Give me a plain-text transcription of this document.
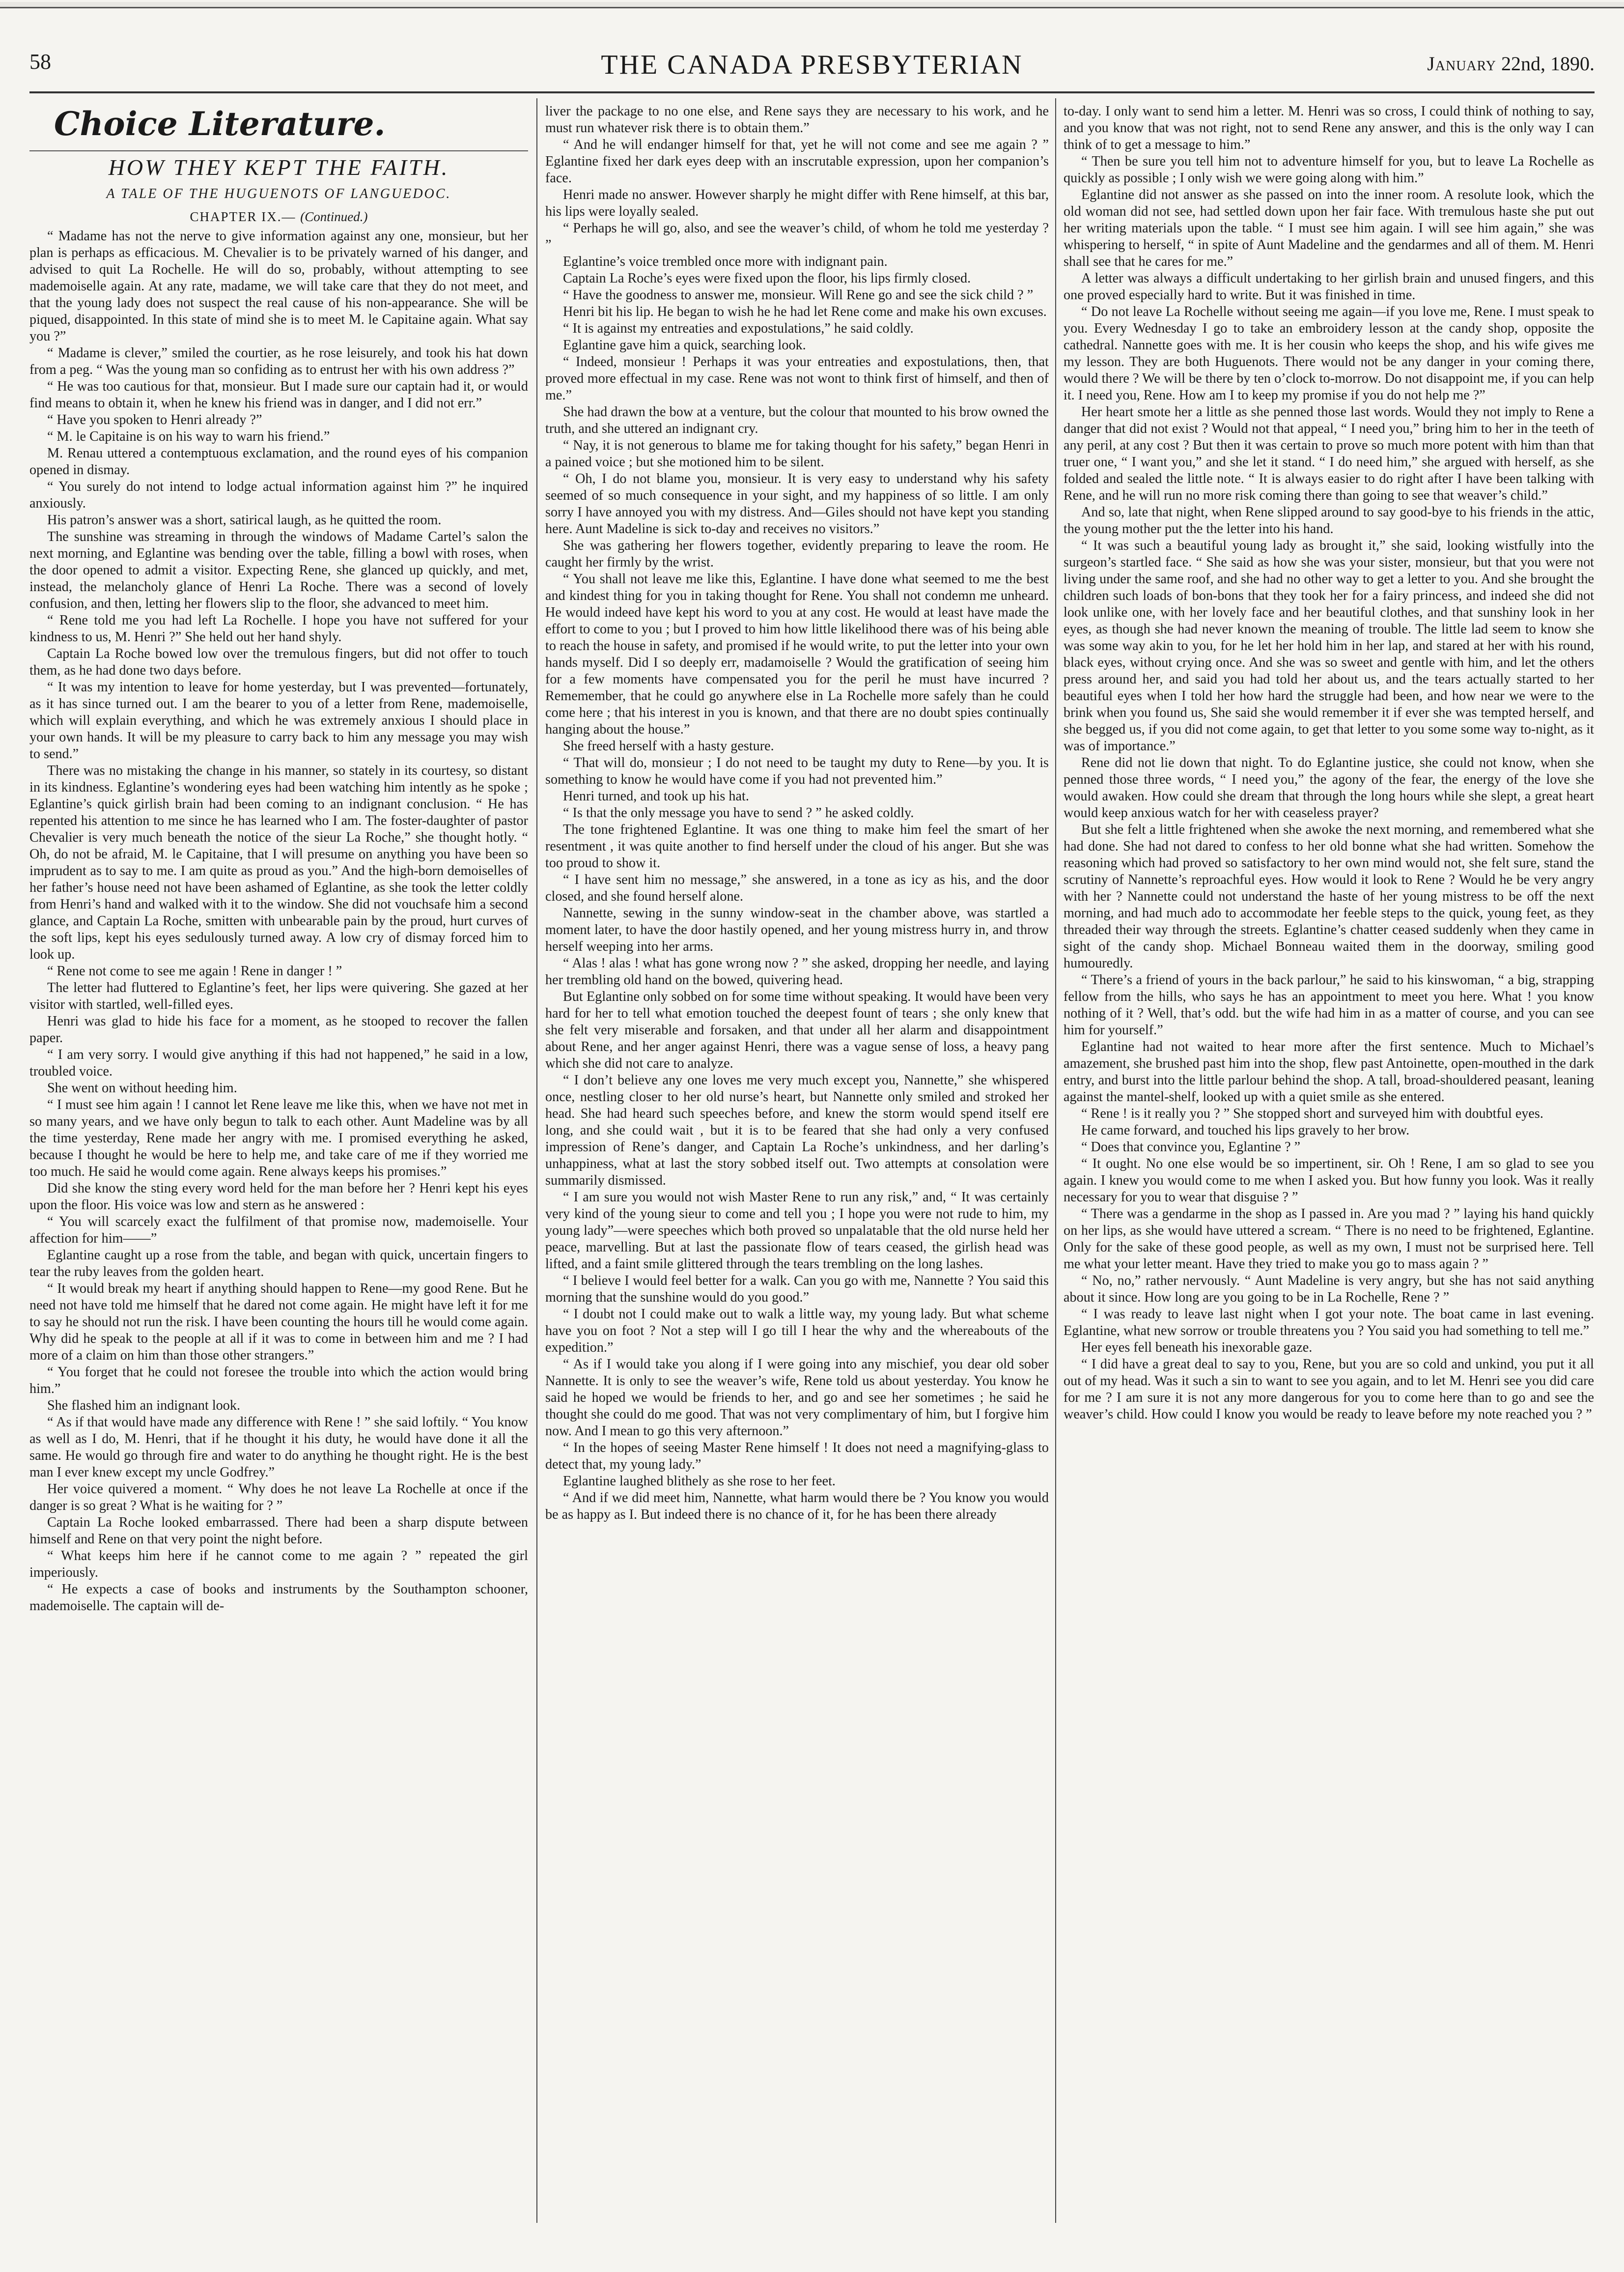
58	THE CANADA PRESBYTERIAN	January 22nd, 1890.
Choice Literature.
HOW THEY KEPT THE FAITH.
A TALE OF THE HUGUENOTS OF LANGUEDOC.
CHAPTER IX.— (Continued.)

“ Madame has not the nerve to give information against any one, monsieur, but her plan is perhaps as efficacious. M. Chevalier is to be privately warned of his danger, and advised to quit La Rochelle. He will do so, probably, without attempting to see mademoiselle again. At any rate, madame, we will take care that they do not meet, and that the young lady does not suspect the real cause of his non-appearance. She will be piqued, disappointed. In this state of mind she is to meet M. le Capitaine again. What say you ?”

“ Madame is clever,” smiled the courtier, as he rose leisurely, and took his hat down from a peg. “ Was the young man so confiding as to entrust her with his own address ?”

“ He was too cautious for that, monsieur. But I made sure our captain had it, or would find means to obtain it, when he knew his friend was in danger, and I did not err.”

“ Have you spoken to Henri already ?”

“ M. le Capitaine is on his way to warn his friend.”

M. Renau uttered a contemptuous exclamation, and the round eyes of his companion opened in dismay.

“ You surely do not intend to lodge actual information against him ?” he inquired anxiously.

His patron’s answer was a short, satirical laugh, as he quitted the room.

The sunshine was streaming in through the windows of Madame Cartel’s salon the next morning, and Eglantine was bending over the table, filling a bowl with roses, when the door opened to admit a visitor. Expecting Rene, she glanced up quickly, and met, instead, the melancholy glance of Henri La Roche. There was a second of lovely confusion, and then, letting her flowers slip to the floor, she advanced to meet him.

“ Rene told me you had left La Rochelle. I hope you have not suffered for your kindness to us, M. Henri ?” She held out her hand shyly.

Captain La Roche bowed low over the tremulous fingers, but did not offer to touch them, as he had done two days before.

“ It was my intention to leave for home yesterday, but I was prevented—fortunately, as it has since turned out. I am the bearer to you of a letter from Rene, mademoiselle, which will explain everything, and which he was extremely anxious I should place in your own hands. It will be my pleasure to carry back to him any message you may wish to send.”

There was no mistaking the change in his manner, so stately in its courtesy, so distant in its kindness. Eglantine’s wondering eyes had been watching him intently as he spoke ; Eglantine’s quick girlish brain had been coming to an indignant conclusion. “ He has repented his attention to me since he has learned who I am. The foster-daughter of pastor Chevalier is very much beneath the notice of the sieur La Roche,” she thought hotly. “ Oh, do not be afraid, M. le Capitaine, that I will presume on anything you have been so imprudent as to say to me. I am quite as proud as you.” And the high-born demoiselles of her father’s house need not have been ashamed of Eglantine, as she took the letter coldly from Henri’s hand and walked with it to the window. She did not vouchsafe him a second glance, and Captain La Roche, smitten with unbearable pain by the proud, hurt curves of the soft lips, kept his eyes sedulously turned away. A low cry of dismay forced him to look up.

“ Rene not come to see me again ! Rene in danger ! ”

The letter had fluttered to Eglantine’s feet, her lips were quivering. She gazed at her visitor with startled, well-filled eyes.

Henri was glad to hide his face for a moment, as he stooped to recover the fallen paper.

“ I am very sorry. I would give anything if this had not happened,” he said in a low, troubled voice.

She went on without heeding him.

“ I must see him again ! I cannot let Rene leave me like this, when we have not met in so many years, and we have only begun to talk to each other. Aunt Madeline was by all the time yesterday, Rene made her angry with me. I promised everything he asked, because I thought he would be here to help me, and take care of me if they worried me too much. He said he would come again. Rene always keeps his promises.”

Did she know the sting every word held for the man before her ? Henri kept his eyes upon the floor. His voice was low and stern as he answered :

“ You will scarcely exact the fulfilment of that promise now, mademoiselle. Your affection for him——”

Eglantine caught up a rose from the table, and began with quick, uncertain fingers to tear the ruby leaves from the golden heart.

“ It would break my heart if anything should happen to Rene—my good Rene. But he need not have told me himself that he dared not come again. He might have left it for me to say he should not run the risk. I have been counting the hours till he would come again. Why did he speak to the people at all if it was to come in between him and me ? I had more of a claim on him than those other strangers.”

“ You forget that he could not foresee the trouble into which the action would bring him.”

She flashed him an indignant look.

“ As if that would have made any difference with Rene ! ” she said loftily. “ You know as well as I do, M. Henri, that if he thought it his duty, he would have done it all the same. He would go through fire and water to do anything he thought right. He is the best man I ever knew except my uncle Godfrey.”

Her voice quivered a moment. “ Why does he not leave La Rochelle at once if the danger is so great ? What is he waiting for ? ”

Captain La Roche looked embarrassed. There had been a sharp dispute between himself and Rene on that very point the night before.

“ What keeps him here if he cannot come to me again ? ” repeated the girl imperiously.

“ He expects a case of books and instruments by the Southampton schooner, mademoiselle. The captain will de-

liver the package to no one else, and Rene says they are necessary to his work, and he must run whatever risk there is to obtain them.”

“ And he will endanger himself for that, yet he will not come and see me again ? ” Eglantine fixed her dark eyes deep with an inscrutable expression, upon her companion’s face.

Henri made no answer. However sharply he might differ with Rene himself, at this bar, his lips were loyally sealed.

“ Perhaps he will go, also, and see the weaver’s child, of whom he told me yesterday ? ”

Eglantine’s voice trembled once more with indignant pain.

Captain La Roche’s eyes were fixed upon the floor, his lips firmly closed.

“ Have the goodness to answer me, monsieur. Will Rene go and see the sick child ? ”

Henri bit his lip. He began to wish he he had let Rene come and make his own excuses.

“ It is against my entreaties and expostulations,” he said coldly.

Eglantine gave him a quick, searching look.

“ Indeed, monsieur ! Perhaps it was your entreaties and expostulations, then, that proved more effectual in my case. Rene was not wont to think first of himself, and then of me.”

She had drawn the bow at a venture, but the colour that mounted to his brow owned the truth, and she uttered an indignant cry.

“ Nay, it is not generous to blame me for taking thought for his safety,” began Henri in a pained voice ; but she motioned him to be silent.

“ Oh, I do not blame you, monsieur. It is very easy to understand why his safety seemed of so much consequence in your sight, and my happiness of so little. I am only sorry I have annoyed you with my distress. And—Giles should not have kept you standing here. Aunt Madeline is sick to-day and receives no visitors.”

She was gathering her flowers together, evidently preparing to leave the room. He caught her firmly by the wrist.

“ You shall not leave me like this, Eglantine. I have done what seemed to me the best and kindest thing for you in taking thought for Rene. You shall not condemn me unheard. He would indeed have kept his word to you at any cost. He would at least have made the effort to come to you ; but I proved to him how little likelihood there was of his being able to reach the house in safety, and promised if he would write, to put the letter into your own hands myself. Did I so deeply err, madamoiselle ? Would the gratification of seeing him for a few moments have compensated you for the peril he must have incurred ? Rememember, that he could go anywhere else in La Rochelle more safely than he could come here ; that his interest in you is known, and that there are no doubt spies continually hanging about the house.”

She freed herself with a hasty gesture.

“ That will do, monsieur ; I do not need to be taught my duty to Rene—by you. It is something to know he would have come if you had not prevented him.”

Henri turned, and took up his hat.

“ Is that the only message you have to send ? ” he asked coldly.

The tone frightened Eglantine. It was one thing to make him feel the smart of her resentment , it was quite another to find herself under the cloud of his anger. But she was too proud to show it.

“ I have sent him no message,” she answered, in a tone as icy as his, and the door closed, and she found herself alone.

Nannette, sewing in the sunny window-seat in the chamber above, was startled a moment later, to have the door hastily opened, and her young mistress hurry in, and throw herself weeping into her arms.

“ Alas ! alas ! what has gone wrong now ? ” she asked, dropping her needle, and laying her trembling old hand on the bowed, quivering head.

But Eglantine only sobbed on for some time without speaking. It would have been very hard for her to tell what emotion touched the deepest fount of tears ; she only knew that she felt very miserable and forsaken, and that under all her alarm and disappointment about Rene, and her anger against Henri, there was a vague sense of loss, a heavy pang which she did not care to analyze.

“ I don’t believe any one loves me very much except you, Nannette,” she whispered once, nestling closer to her old nurse’s heart, but Nannette only smiled and stroked her head. She had heard such speeches before, and knew the storm would spend itself ere long, and she could wait , but it is to be feared that she had only a very confused impression of Rene’s danger, and Captain La Roche’s unkindness, and her darling’s unhappiness, what at last the story sobbed itself out. Two attempts at consolation were summarily dismissed.

“ I am sure you would not wish Master Rene to run any risk,” and, “ It was certainly very kind of the young sieur to come and tell you ; I hope you were not rude to him, my young lady”—were speeches which both proved so unpalatable that the old nurse held her peace, marvelling. But at last the passionate flow of tears ceased, the girlish head was lifted, and a faint smile glittered through the tears trembling on the long lashes.

“ I believe I would feel better for a walk. Can you go with me, Nannette ? You said this morning that the sunshine would do you good.”

“ I doubt not I could make out to walk a little way, my young lady. But what scheme have you on foot ? Not a step will I go till I hear the why and the whereabouts of the expedition.”

“ As if I would take you along if I were going into any mischief, you dear old sober Nannette. It is only to see the weaver’s wife, Rene told us about yesterday. You know he said he hoped we would be friends to her, and go and see her sometimes ; he said he thought she could do me good. That was not very complimentary of him, but I forgive him now. And I mean to go this very afternoon.”

“ In the hopes of seeing Master Rene himself ! It does not need a magnifying-glass to detect that, my young lady.”

Eglantine laughed blithely as she rose to her feet.

“ And if we did meet him, Nannette, what harm would there be ? You know you would be as happy as I. But indeed there is no chance of it, for he has been there already

to-day. I only want to send him a letter. M. Henri was so cross, I could think of nothing to say, and you know that was not right, not to send Rene any answer, and this is the only way I can think of to get a message to him.”

“ Then be sure you tell him not to adventure himself for you, but to leave La Rochelle as quickly as possible ; I only wish we were going along with him.”

Eglantine did not answer as she passed on into the inner room. A resolute look, which the old woman did not see, had settled down upon her fair face. With tremulous haste she put out her writing materials upon the table. “ I must see him again. I will see him again,” she was whispering to herself, “ in spite of Aunt Madeline and the gendarmes and all of them. M. Henri shall see that he cares for me.”

A letter was always a difficult undertaking to her girlish brain and unused fingers, and this one proved especially hard to write. But it was finished in time.

“ Do not leave La Rochelle without seeing me again—if you love me, Rene. I must speak to you. Every Wednesday I go to take an embroidery lesson at the candy shop, opposite the cathedral. Nannette goes with me. It is her cousin who keeps the shop, and his wife gives me my lesson. They are both Huguenots. There would not be any danger in your coming there, would there ? We will be there by ten o’clock to-morrow. Do not disappoint me, if you can help it. I need you, Rene. How am I to keep my promise if you do not help me ?”

Her heart smote her a little as she penned those last words. Would they not imply to Rene a danger that did not exist ? Would not that appeal, “ I need you,” bring him to her in the teeth of any peril, at any cost ? But then it was certain to prove so much more potent with him than that truer one, “ I want you,” and she let it stand. “ I do need him,” she argued with herself, as she folded and sealed the little note. “ It is always easier to do right after I have been talking with Rene, and he will run no more risk coming there than going to see that weaver’s child.”

And so, late that night, when Rene slipped around to say good-bye to his friends in the attic, the young mother put the the letter into his hand.

“ It was such a beautiful young lady as brought it,” she said, looking wistfully into the surgeon’s startled face. “ She said as how she was your sister, monsieur, but that you were not living under the same roof, and she had no other way to get a letter to you. And she brought the children such loads of bon-bons that they took her for a fairy princess, and indeed she did not look unlike one, with her lovely face and her beautiful clothes, and that sunshiny look in her eyes, as though she had never known the meaning of trouble. The little lad seem to know she was some way akin to you, for he let her hold him in her lap, and stared at her with his round, black eyes, without crying once. And she was so sweet and gentle with him, and let the others press around her, and said you had told her about us, and the tears actually started to her beautiful eyes when I told her how hard the struggle had been, and how near we were to the brink when you found us, She said she would remember it if ever she was tempted herself, and she begged us, if you did not come again, to get that letter to you some some way to-night, as it was of importance.”

Rene did not lie down that night. To do Eglantine justice, she could not know, when she penned those three words, “ I need you,” the agony of the fear, the energy of the love she would awaken. How could she dream that through the long hours while she slept, a great heart would keep anxious watch for her with ceaseless prayer?

But she felt a little frightened when she awoke the next morning, and remembered what she had done. She had not dared to confess to her old bonne what she had written. Somehow the reasoning which had proved so satisfactory to her own mind would not, she felt sure, stand the scrutiny of Nannette’s reproachful eyes. How would it look to Rene ? Would he be very angry with her ? Nannette could not understand the haste of her young mistress to be off the next morning, and had much ado to accommodate her feeble steps to the quick, young feet, as they threaded their way through the streets. Eglantine’s chatter ceased suddenly when they came in sight of the candy shop. Michael Bonneau waited them in the doorway, smiling good humouredly.

“ There’s a friend of yours in the back parlour,” he said to his kinswoman, “ a big, strapping fellow from the hills, who says he has an appointment to meet you here. What ! you know nothing of it ? Well, that’s odd. but the wife had him in as a matter of course, and you can see him for yourself.”

Eglantine had not waited to hear more after the first sentence. Much to Michael’s amazement, she brushed past him into the shop, flew past Antoinette, open-mouthed in the dark entry, and burst into the little parlour behind the shop. A tall, broad-shouldered peasant, leaning against the mantel-shelf, looked up with a quiet smile as she entered.

“ Rene ! is it really you ? ” She stopped short and surveyed him with doubtful eyes.

He came forward, and touched his lips gravely to her brow.

“ Does that convince you, Eglantine ? ”

“ It ought. No one else would be so impertinent, sir. Oh ! Rene, I am so glad to see you again. I knew you would come to me when I asked you. But how funny you look. Was it really necessary for you to wear that disguise ? ”

“ There was a gendarme in the shop as I passed in. Are you mad ? ” laying his hand quickly on her lips, as she would have uttered a scream. “ There is no need to be frightened, Eglantine. Only for the sake of these good people, as well as my own, I must not be surprised here. Tell me what your letter meant. Have they tried to make you go to mass again ? ”

“ No, no,” rather nervously. “ Aunt Madeline is very angry, but she has not said anything about it since. How long are you going to be in La Rochelle, Rene ? ”

“ I was ready to leave last night when I got your note. The boat came in last evening. Eglantine, what new sorrow or trouble threatens you ? You said you had something to tell me.”

Her eyes fell beneath his inexorable gaze.

“ I did have a great deal to say to you, Rene, but you are so cold and unkind, you put it all out of my head. Was it such a sin to want to see you again, and to let M. Henri see you did care for me ? I am sure it is not any more dangerous for you to come here than to go and see the weaver’s child. How could I know you would be ready to leave before my note reached you ? ”
